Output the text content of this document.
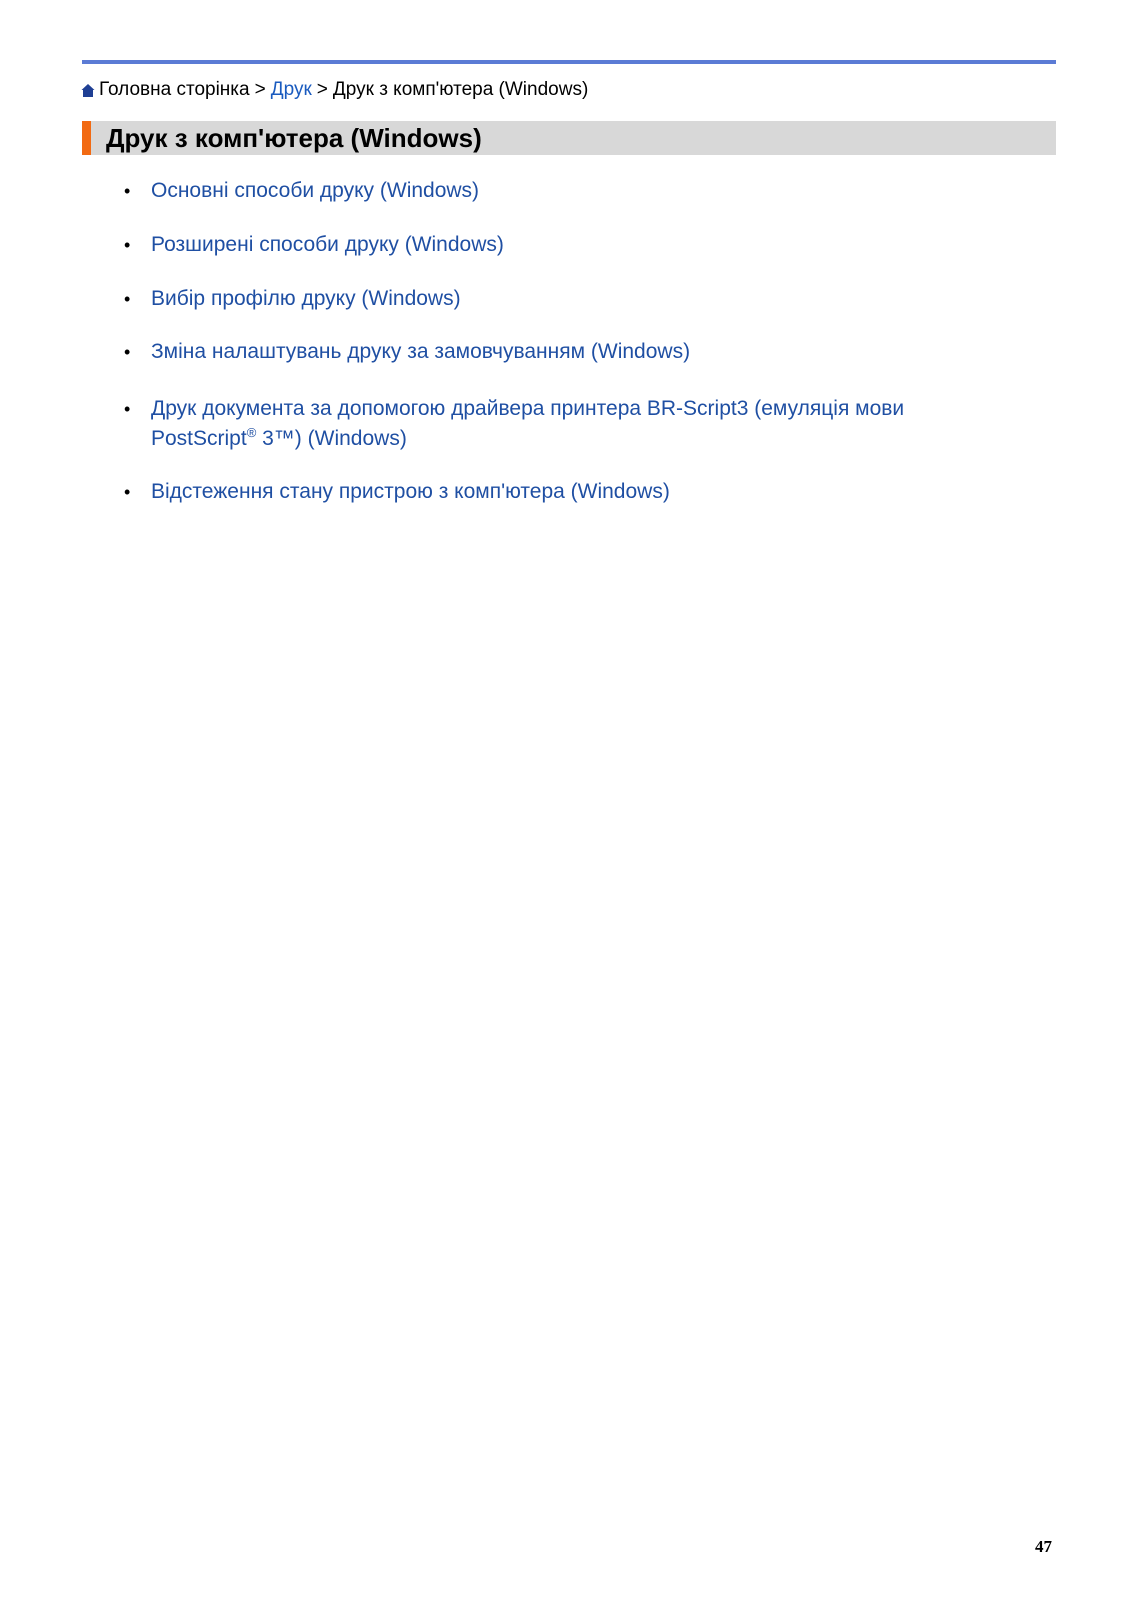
Головна сторінка > Друк > Друк з комп'ютера (Windows)
Друк з комп'ютера (Windows)
• Основні способи друку (Windows)
• Розширені способи друку (Windows)
• Вибір профілю друку (Windows)
• Зміна налаштувань друку за замовчуванням (Windows)
• Друк документа за допомогою драйвера принтера BR-Script3 (емуляція мови PostScript® 3™) (Windows)
• Відстеження стану пристрою з комп'ютера (Windows)
47
